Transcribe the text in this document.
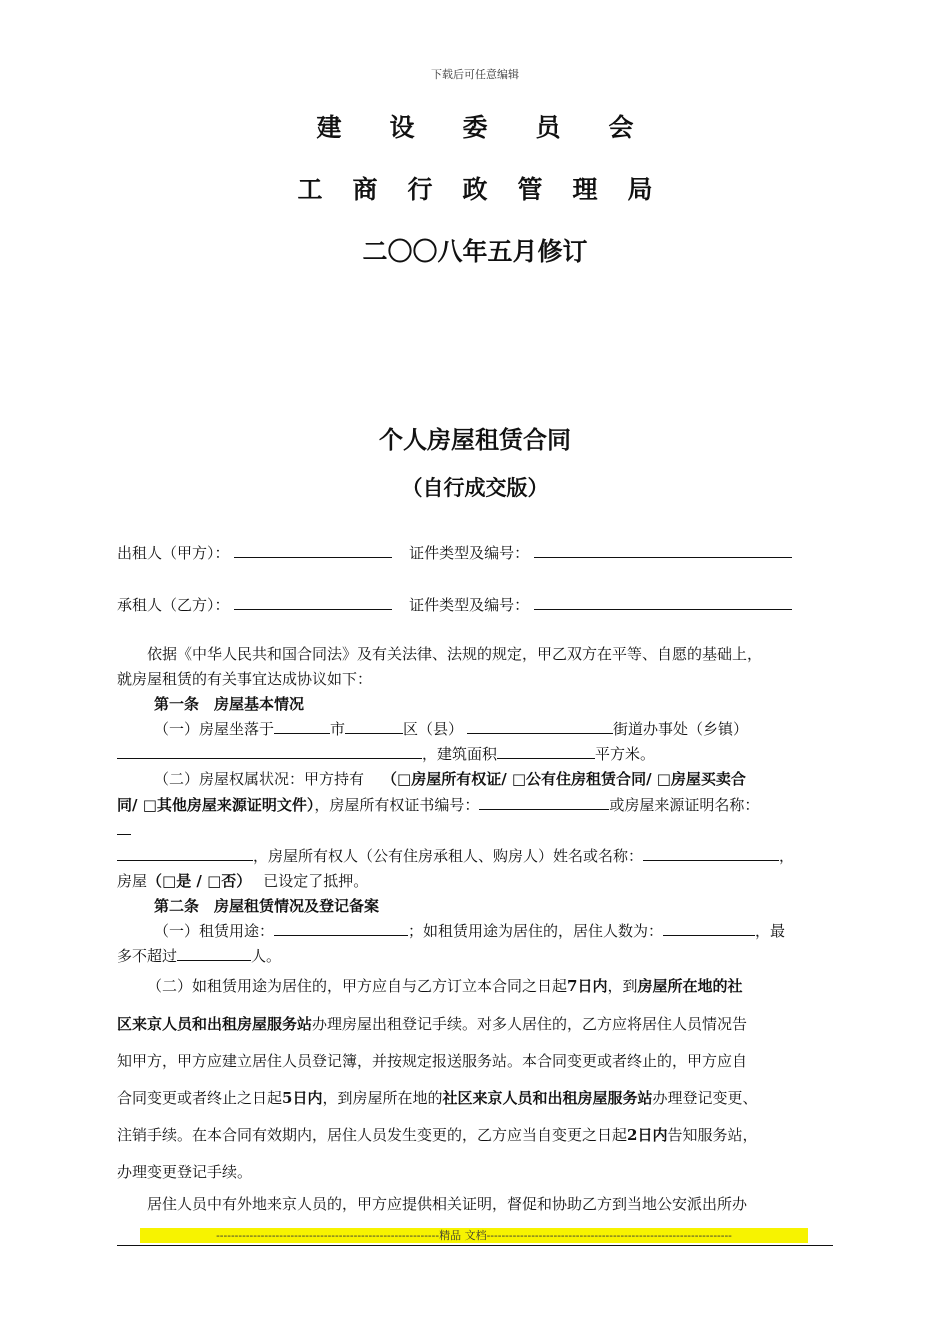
下载后可任意编辑
建 设 委 员 会
工 商 行 政 管 理 局
二〇〇八年五月修订
个人房屋租赁合同
（自行成交版）
出租人（甲方）：	证件类型及编号：
承租人（乙方）：	证件类型及编号：
依据《中华人民共和国合同法》及有关法律、法规的规定，甲乙双方在平等、自愿的基础上，
就房屋租赁的有关事宜达成协议如下：
第一条　房屋基本情况
（一）房屋坐落于	市	区（县）	街道办事处（乡镇）
，建筑面积	平方米。
（二）房屋权属状况：甲方持有 （□房屋所有权证/ □公有住房租赁合同/ □房屋买卖合
同/ □其他房屋来源证明文件），房屋所有权证书编号：	或房屋来源证明名称：
，房屋所有权人（公有住房承租人、购房人）姓名或名称：	，
房屋（□是 / □否） 已设定了抵押。
第二条　房屋租赁情况及登记备案
（一）租赁用途：	；如租赁用途为居住的，居住人数为：	，最
多不超过	人。
（二）如租赁用途为居住的，甲方应自与乙方订立本合同之日起7日内，到房屋所在地的社
区来京人员和出租房屋服务站办理房屋出租登记手续。对多人居住的，乙方应将居住人员情况告
知甲方，甲方应建立居住人员登记簿，并按规定报送服务站。本合同变更或者终止的，甲方应自
合同变更或者终止之日起5日内，到房屋所在地的社区来京人员和出租房屋服务站办理登记变更、
注销手续。在本合同有效期内，居住人员发生变更的，乙方应当自变更之日起2日内告知服务站，
办理变更登记手续。
居住人员中有外地来京人员的，甲方应提供相关证明，督促和协助乙方到当地公安派出所办
------------------------------------------------------------精品 文档------------------------------------------------------------------
